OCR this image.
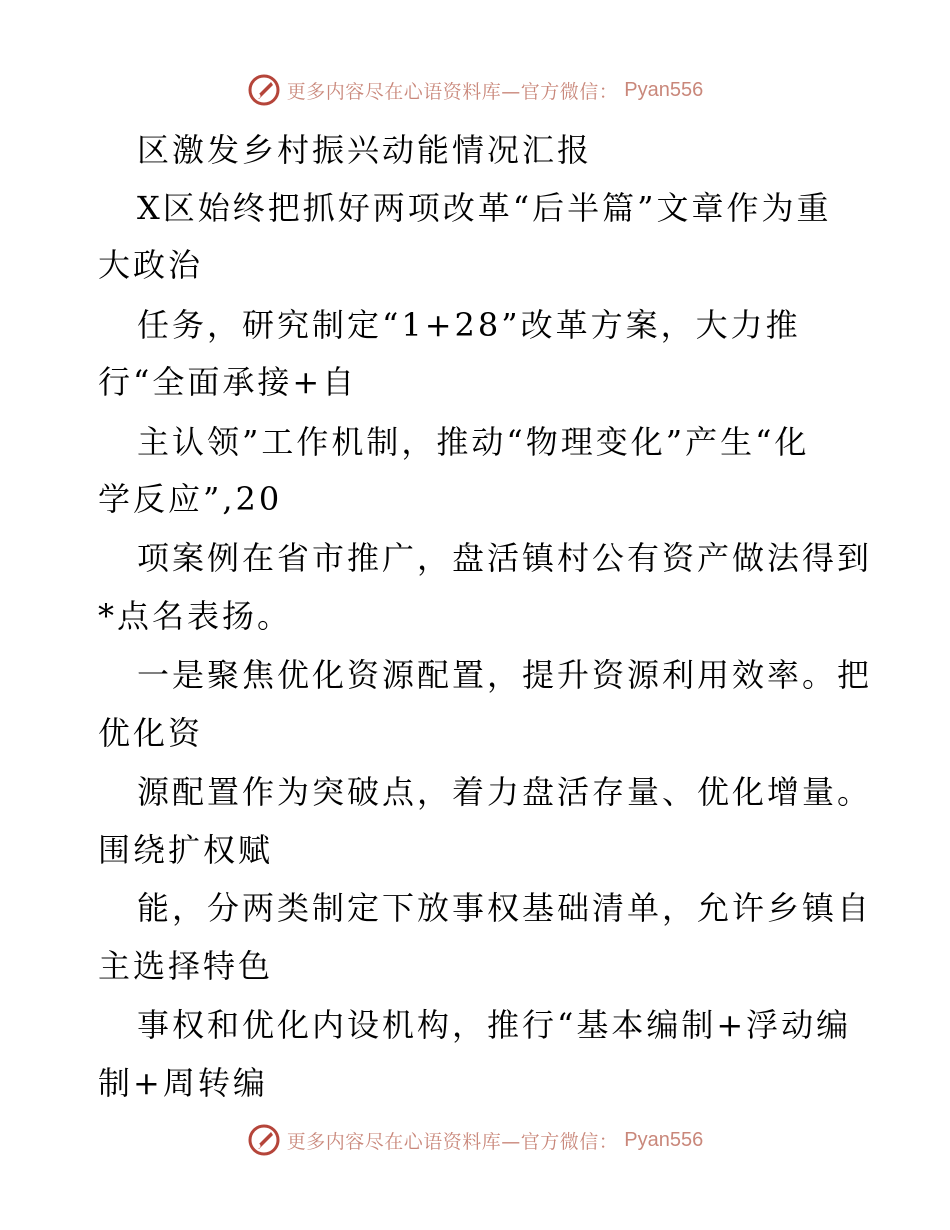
更多内容尽在心语资料库—官方微信： Pyan556
区激发乡村振兴动能情况汇报
X区始终把抓好两项改革“后半篇”文章作为重
大政治
任务，研究制定“1+28”改革方案，大力推
行“全面承接+自
主认领”工作机制，推动“物理变化”产生“化
学反应”,20
项案例在省市推广，盘活镇村公有资产做法得到
*点名表扬。
一是聚焦优化资源配置，提升资源利用效率。把
优化资
源配置作为突破点，着力盘活存量、优化增量。
围绕扩权赋
能，分两类制定下放事权基础清单，允许乡镇自
主选择特色
事权和优化内设机构，推行“基本编制+浮动编
制+周转编
更多内容尽在心语资料库—官方微信： Pyan556
